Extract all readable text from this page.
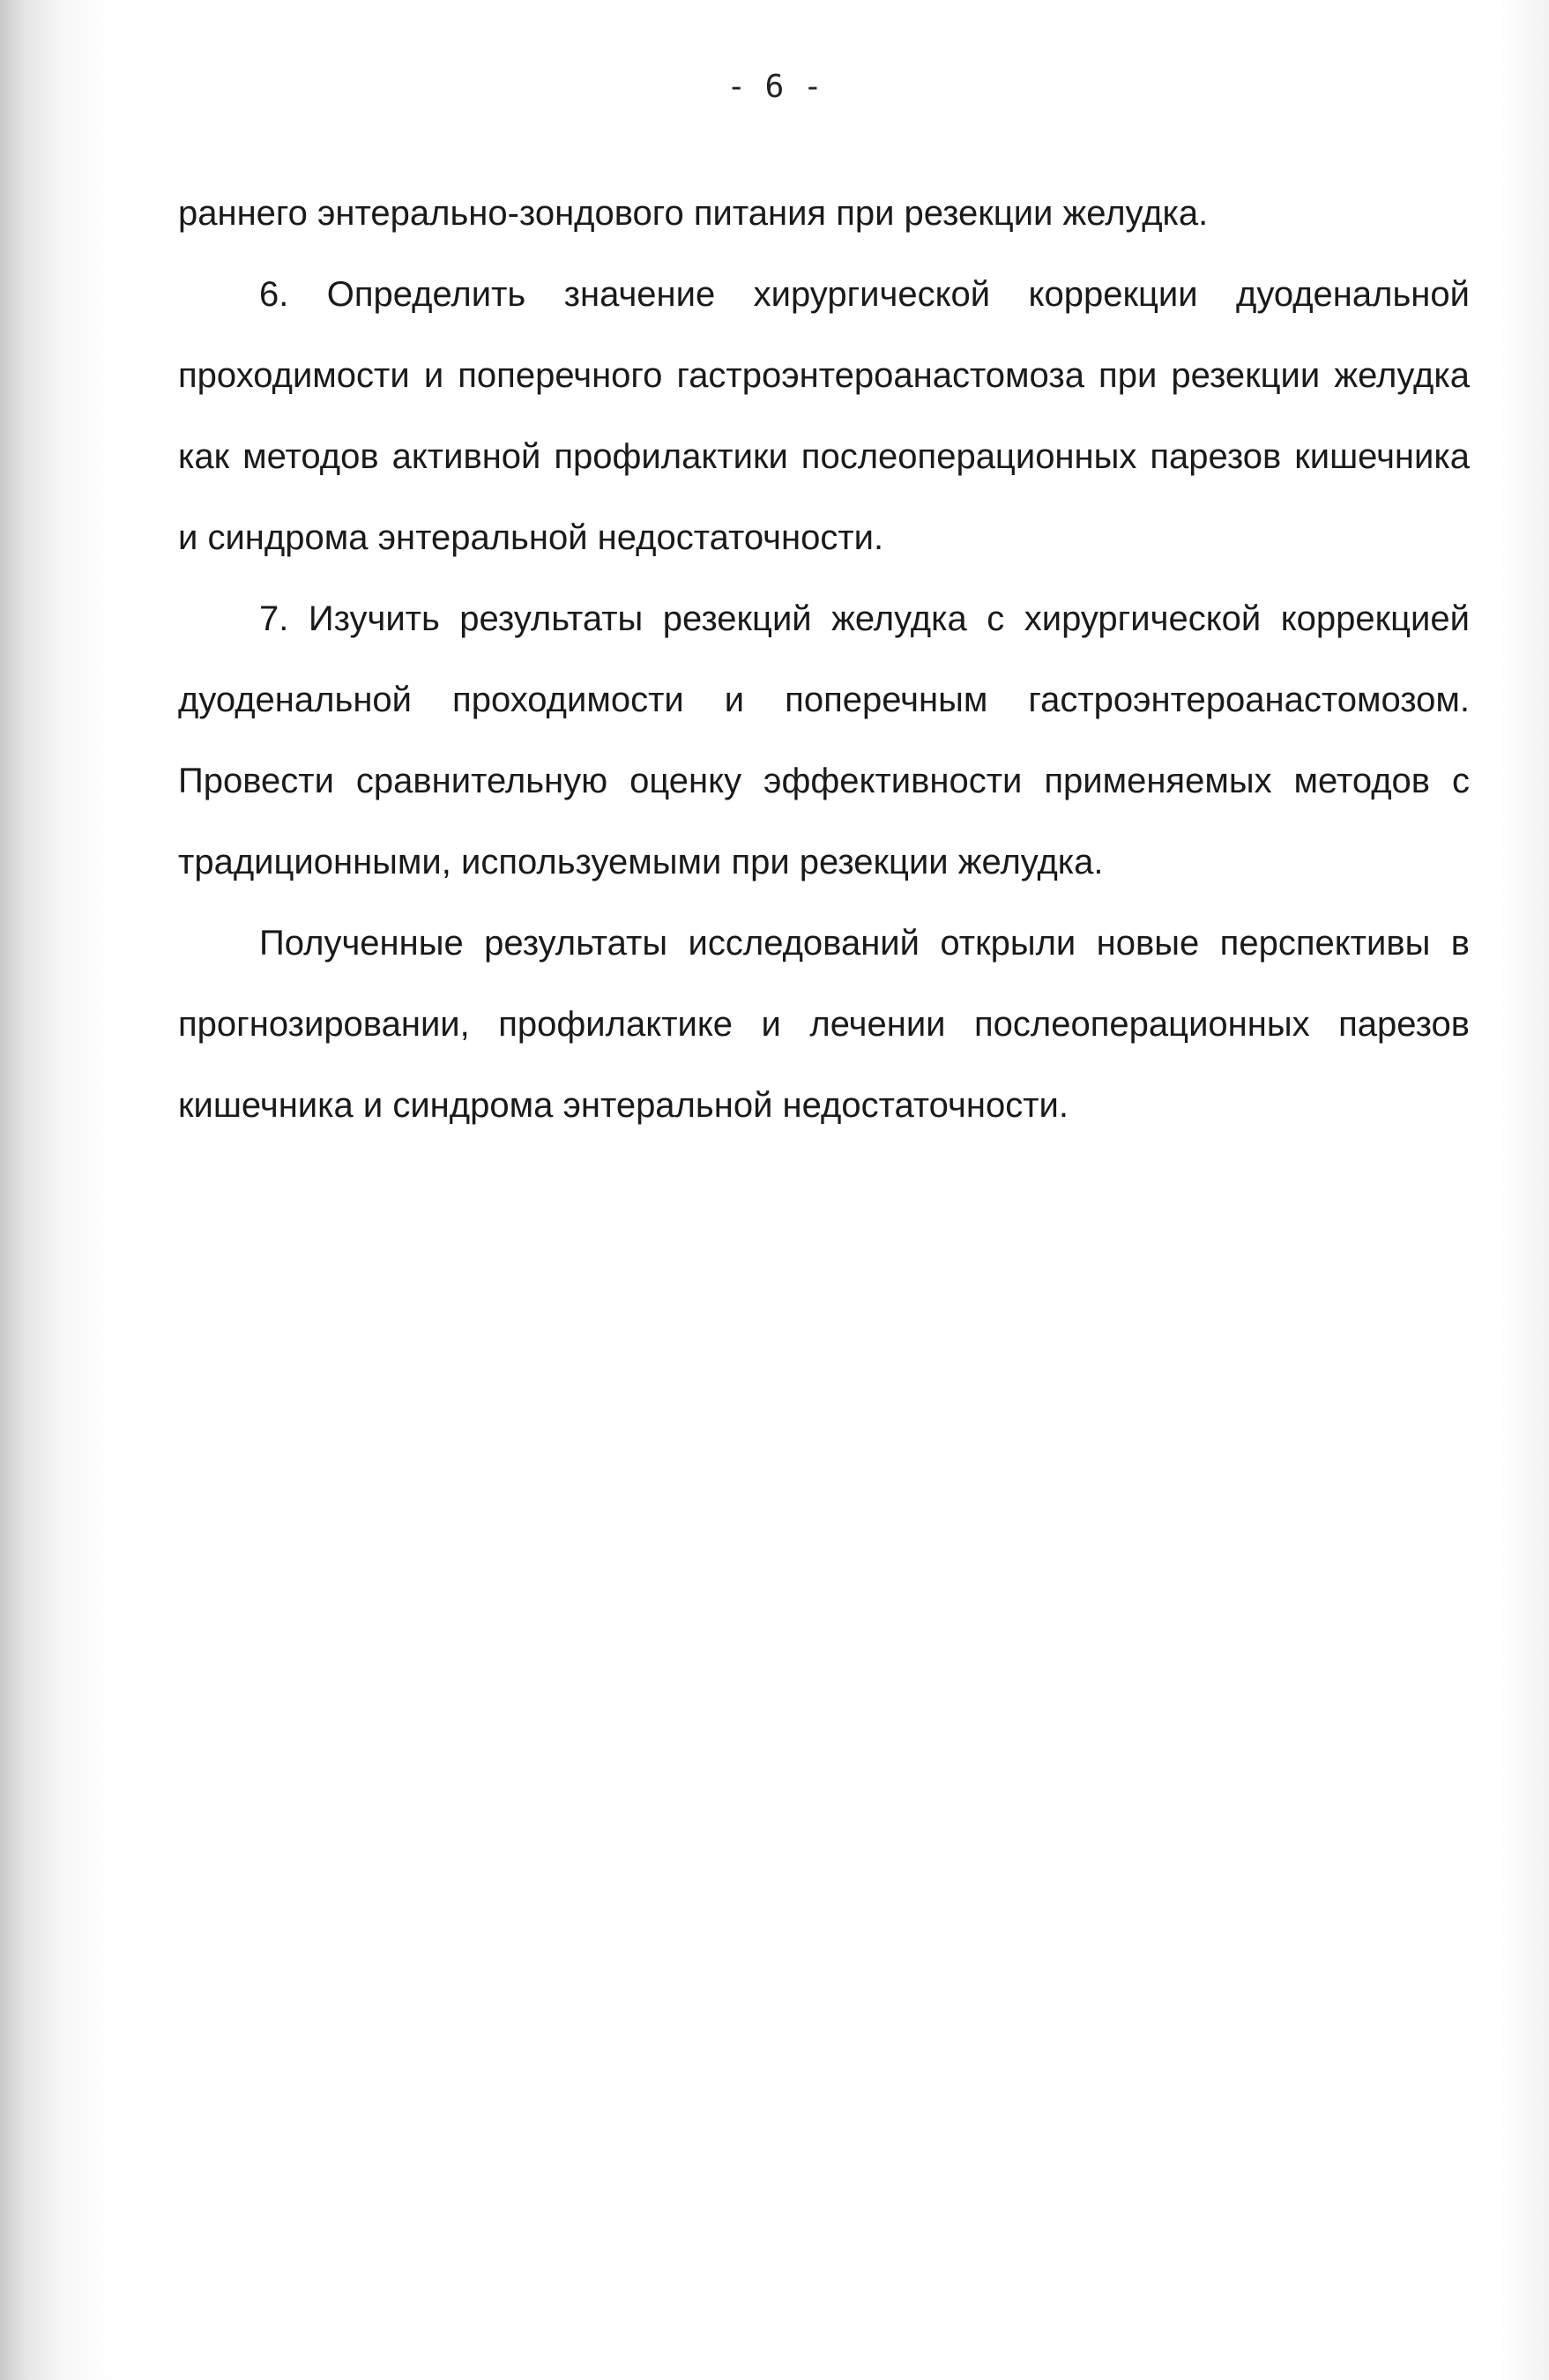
- 6 -

раннего энтерально-зондового питания при резекции желудка.

6. Определить значение хирургической коррекции дуоденальной проходимости и поперечного гастроэнтероанастомоза при резекции желудка как методов активной профилактики послеоперационных парезов кишечника и синдрома энтеральной недостаточности.

7. Изучить результаты резекций желудка с хирургической коррекцией дуоденальной проходимости и поперечным гастроэнтероанастомозом. Провести сравнительную оценку эффективности применяемых методов с традиционными, используемыми при резекции желудка.

Полученные результаты исследований открыли новые перспективы в прогнозировании, профилактике и лечении послеоперационных парезов кишечника и синдрома энтеральной недостаточности.
